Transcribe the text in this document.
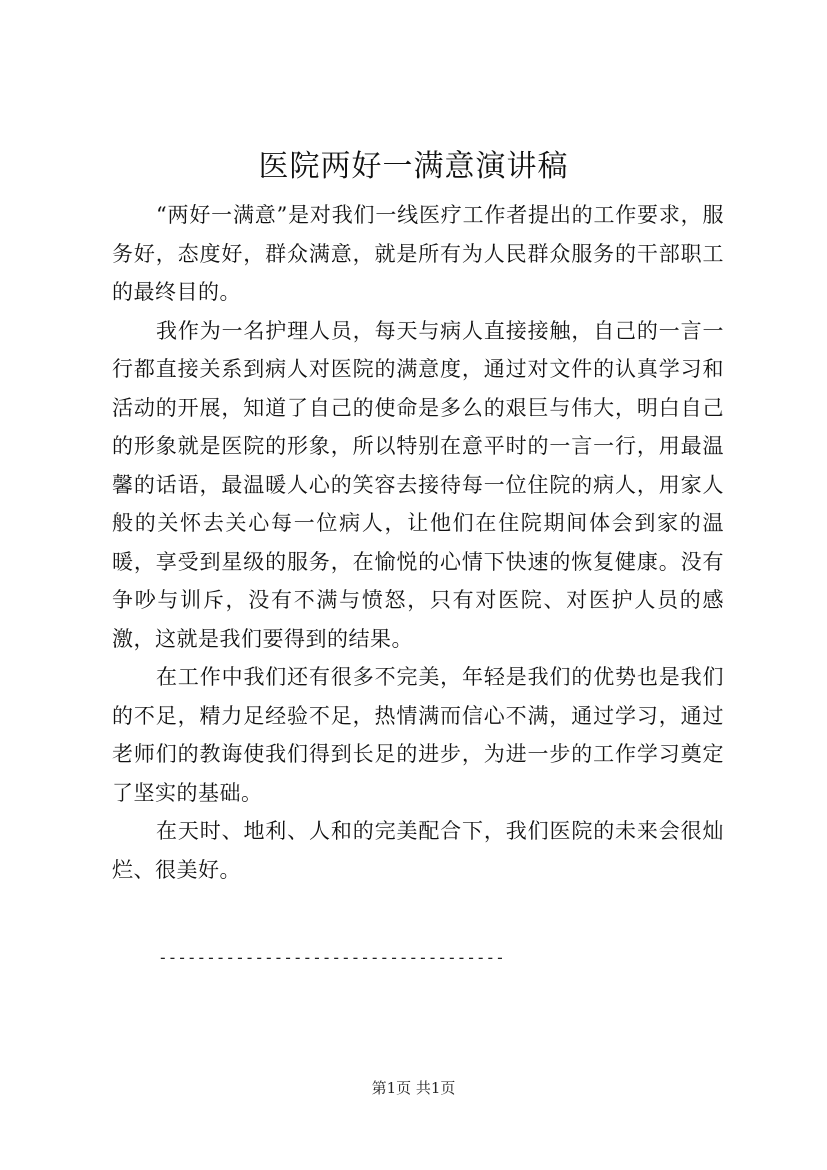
医院两好一满意演讲稿

“两好一满意”是对我们一线医疗工作者提出的工作要求，服务好，态度好，群众满意，就是所有为人民群众服务的干部职工的最终目的。

我作为一名护理人员，每天与病人直接接触，自己的一言一行都直接关系到病人对医院的满意度，通过对文件的认真学习和活动的开展，知道了自己的使命是多么的艰巨与伟大，明白自己的形象就是医院的形象，所以特别在意平时的一言一行，用最温馨的话语，最温暖人心的笑容去接待每一位住院的病人，用家人般的关怀去关心每一位病人，让他们在住院期间体会到家的温暖，享受到星级的服务，在愉悦的心情下快速的恢复健康。没有争吵与训斥，没有不满与愤怒，只有对医院、对医护人员的感激，这就是我们要得到的结果。

在工作中我们还有很多不完美，年轻是我们的优势也是我们的不足，精力足经验不足，热情满而信心不满，通过学习，通过老师们的教诲使我们得到长足的进步，为进一步的工作学习奠定了坚实的基础。

在天时、地利、人和的完美配合下，我们医院的未来会很灿烂、很美好。

------------------------------------
第1页 共1页
